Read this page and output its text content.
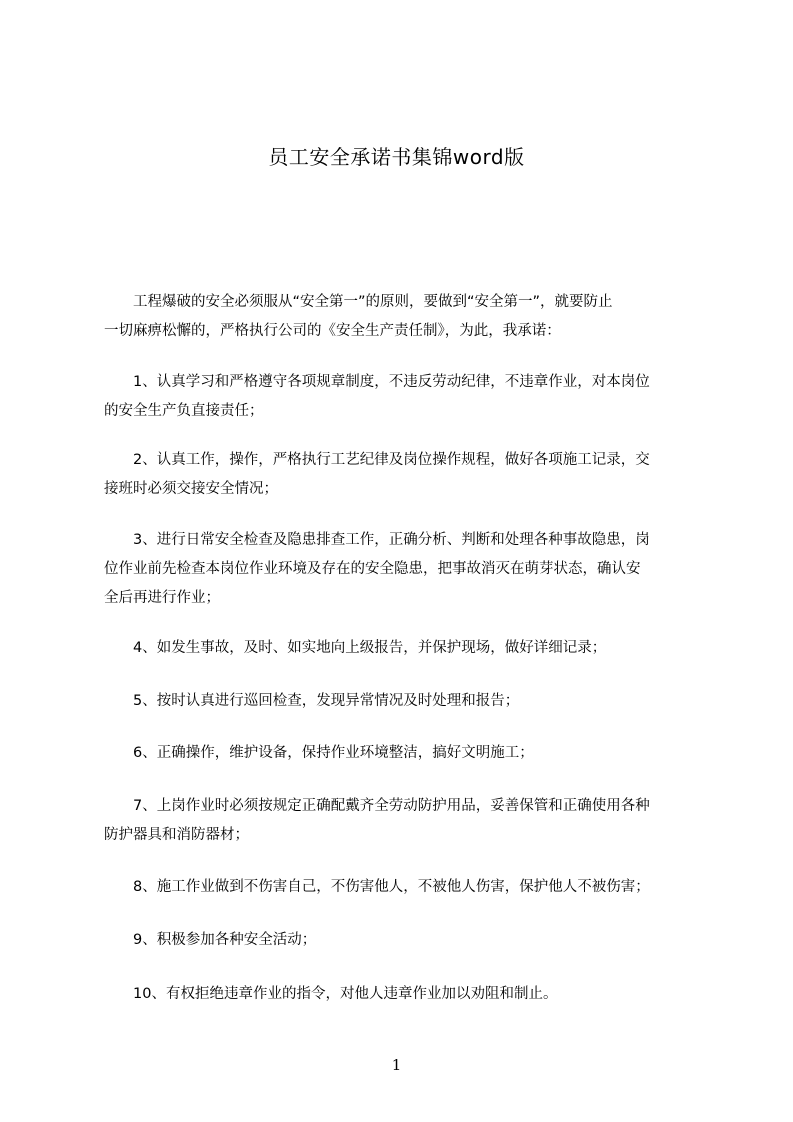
员工安全承诺书集锦word版
　　工程爆破的安全必须服从“安全第一”的原则，要做到“安全第一”，就要防止
一切麻痹松懈的，严格执行公司的《安全生产责任制》，为此，我承诺：
　　1、认真学习和严格遵守各项规章制度，不违反劳动纪律，不违章作业，对本岗位
的安全生产负直接责任；
　　2、认真工作，操作，严格执行工艺纪律及岗位操作规程，做好各项施工记录，交
接班时必须交接安全情况；
　　3、进行日常安全检查及隐患排查工作，正确分析、判断和处理各种事故隐患，岗
位作业前先检查本岗位作业环境及存在的安全隐患，把事故消灭在萌芽状态，确认安
全后再进行作业；
　　4、如发生事故，及时、如实地向上级报告，并保护现场，做好详细记录；
　　5、按时认真进行巡回检查，发现异常情况及时处理和报告；
　　6、正确操作，维护设备，保持作业环境整洁，搞好文明施工；
　　7、上岗作业时必须按规定正确配戴齐全劳动防护用品，妥善保管和正确使用各种
防护器具和消防器材；
　　8、施工作业做到不伤害自己，不伤害他人，不被他人伤害，保护他人不被伤害；
　　9、积极参加各种安全活动；
　　10、有权拒绝违章作业的指令，对他人违章作业加以劝阻和制止。
1
